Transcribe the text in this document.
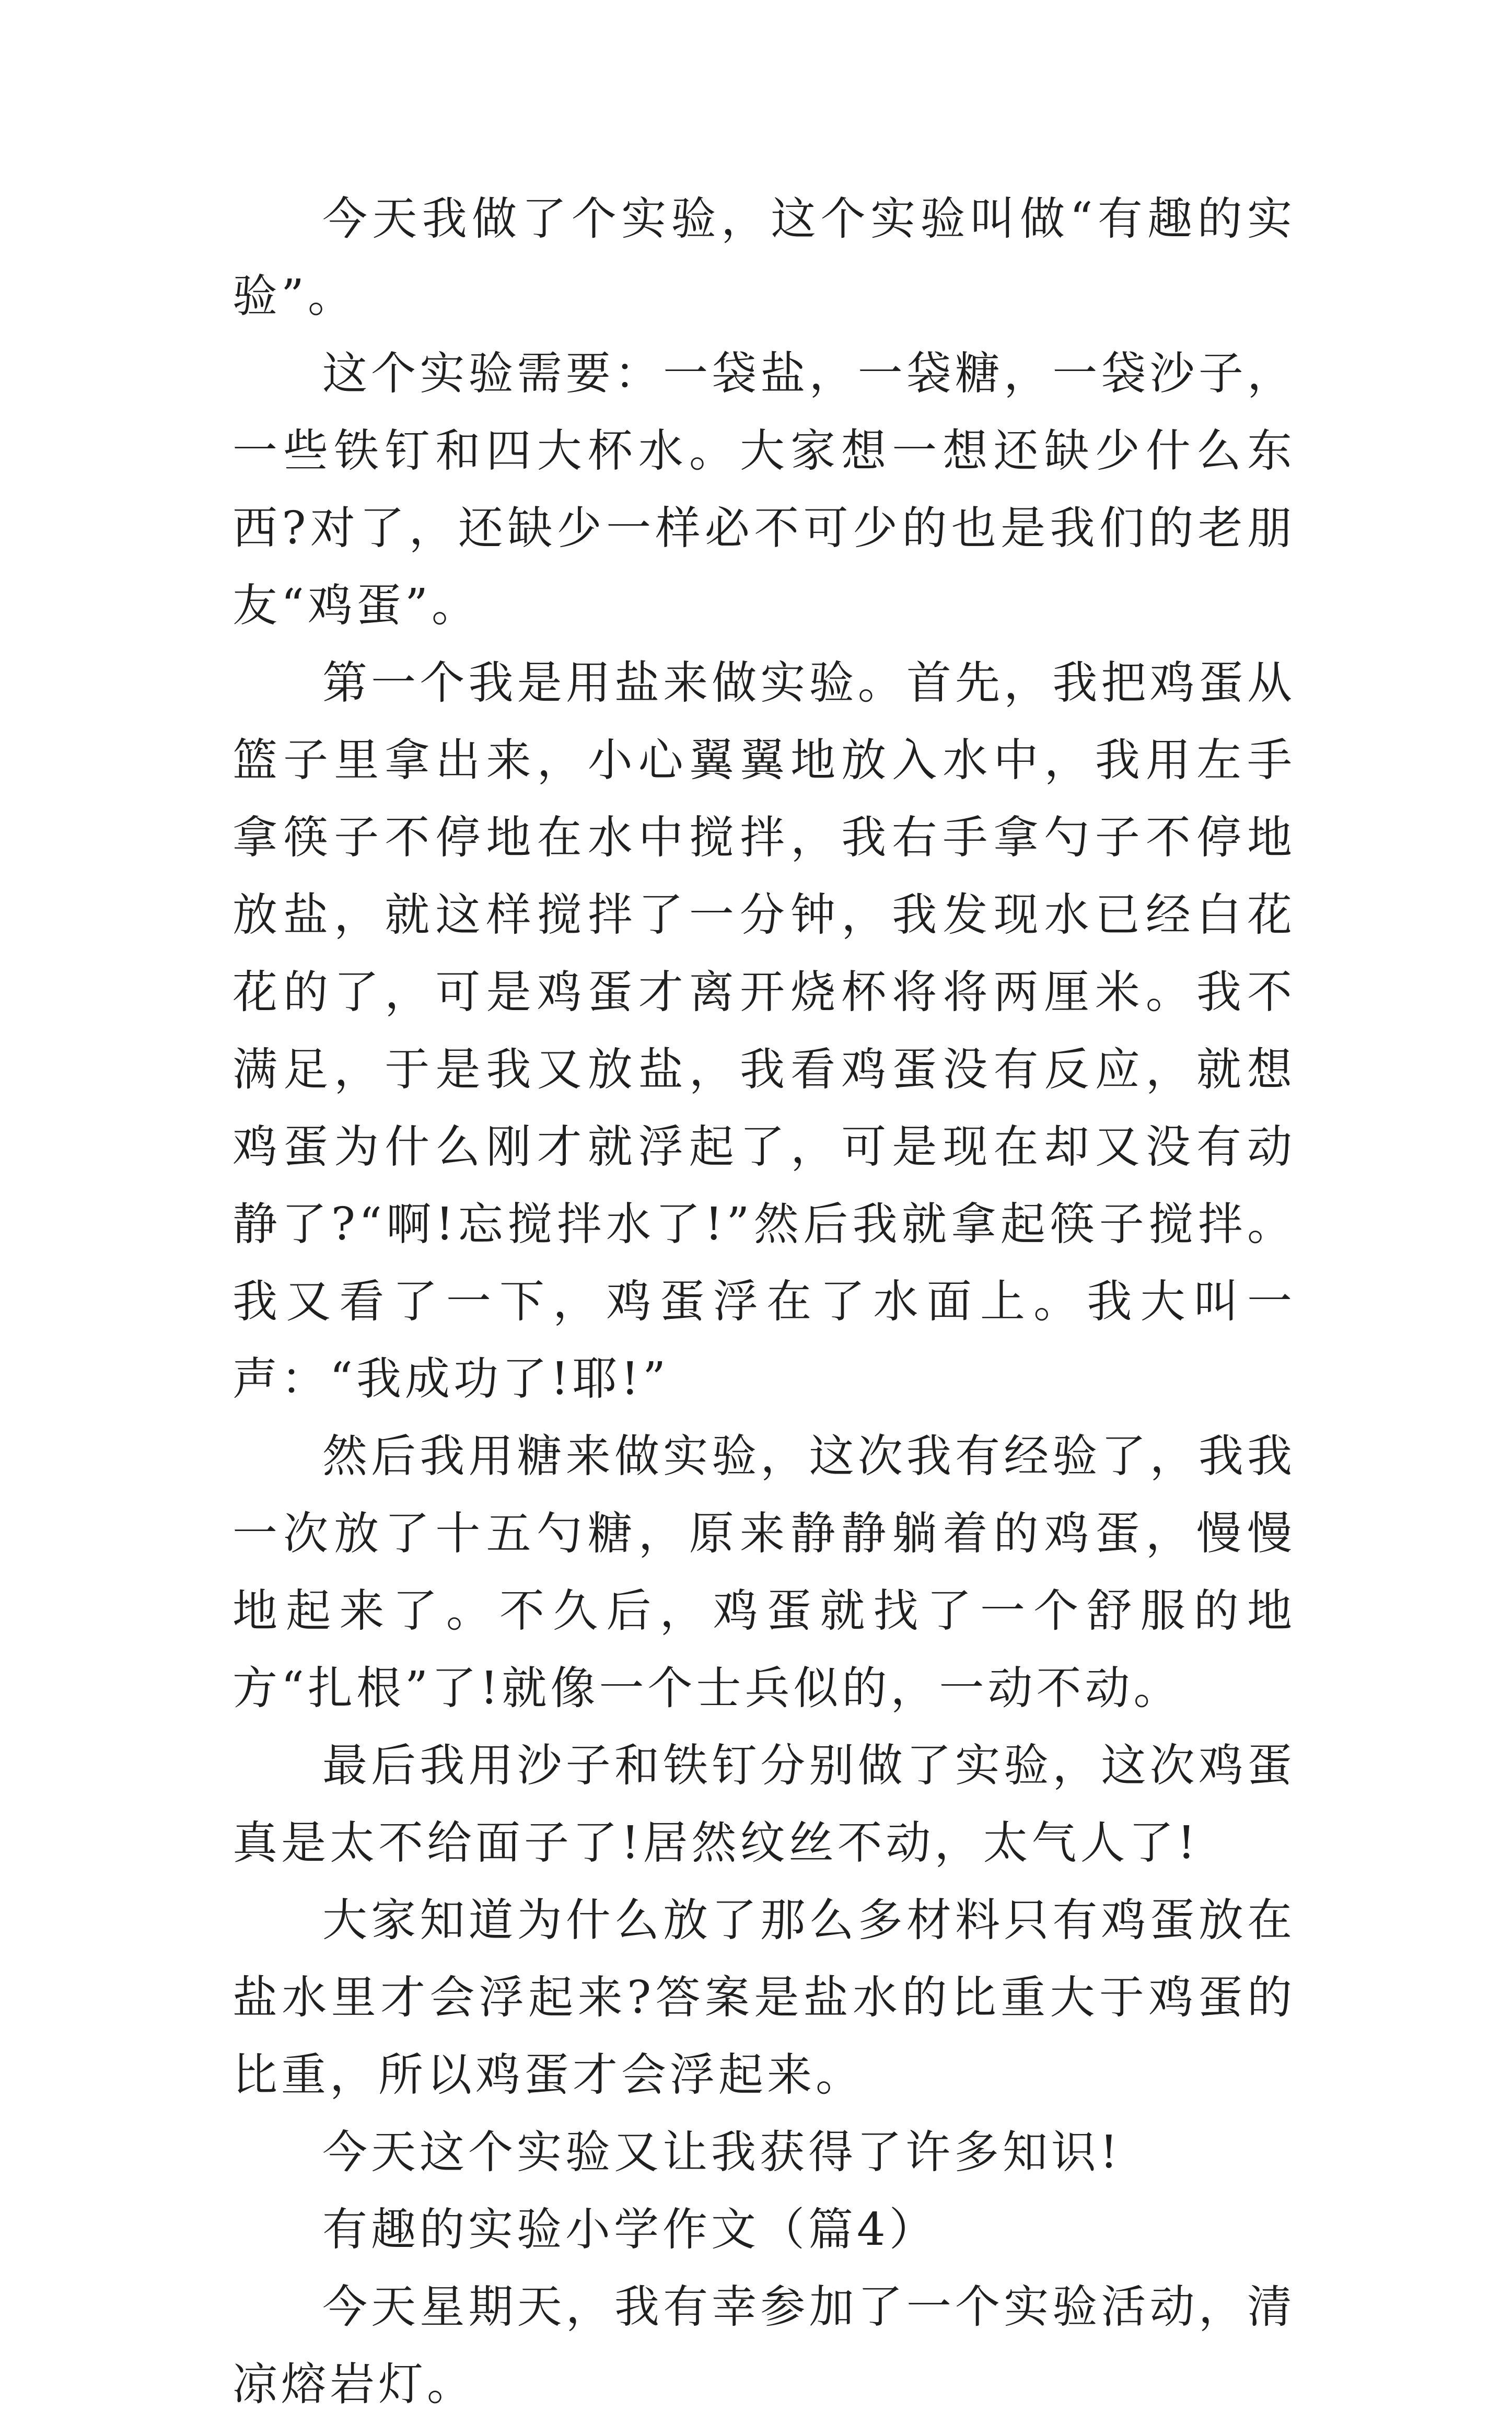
今天我做了个实验，这个实验叫做“有趣的实验”。

这个实验需要：一袋盐，一袋糖，一袋沙子，一些铁钉和四大杯水。大家想一想还缺少什么东西?对了，还缺少一样必不可少的也是我们的老朋友“鸡蛋”。

第一个我是用盐来做实验。首先，我把鸡蛋从篮子里拿出来，小心翼翼地放入水中，我用左手拿筷子不停地在水中搅拌，我右手拿勺子不停地放盐，就这样搅拌了一分钟，我发现水已经白花花的了，可是鸡蛋才离开烧杯将将两厘米。我不满足，于是我又放盐，我看鸡蛋没有反应，就想鸡蛋为什么刚才就浮起了，可是现在却又没有动静了?“啊!忘搅拌水了!”然后我就拿起筷子搅拌。我又看了一下，鸡蛋浮在了水面上。我大叫一声：“我成功了!耶!”

然后我用糖来做实验，这次我有经验了，我我一次放了十五勺糖，原来静静躺着的鸡蛋，慢慢地起来了。不久后，鸡蛋就找了一个舒服的地方“扎根”了!就像一个士兵似的，一动不动。

最后我用沙子和铁钉分别做了实验，这次鸡蛋真是太不给面子了!居然纹丝不动，太气人了!

大家知道为什么放了那么多材料只有鸡蛋放在盐水里才会浮起来?答案是盐水的比重大于鸡蛋的比重，所以鸡蛋才会浮起来。

今天这个实验又让我获得了许多知识!

有趣的实验小学作文（篇4）

今天星期天，我有幸参加了一个实验活动，清凉熔岩灯。
